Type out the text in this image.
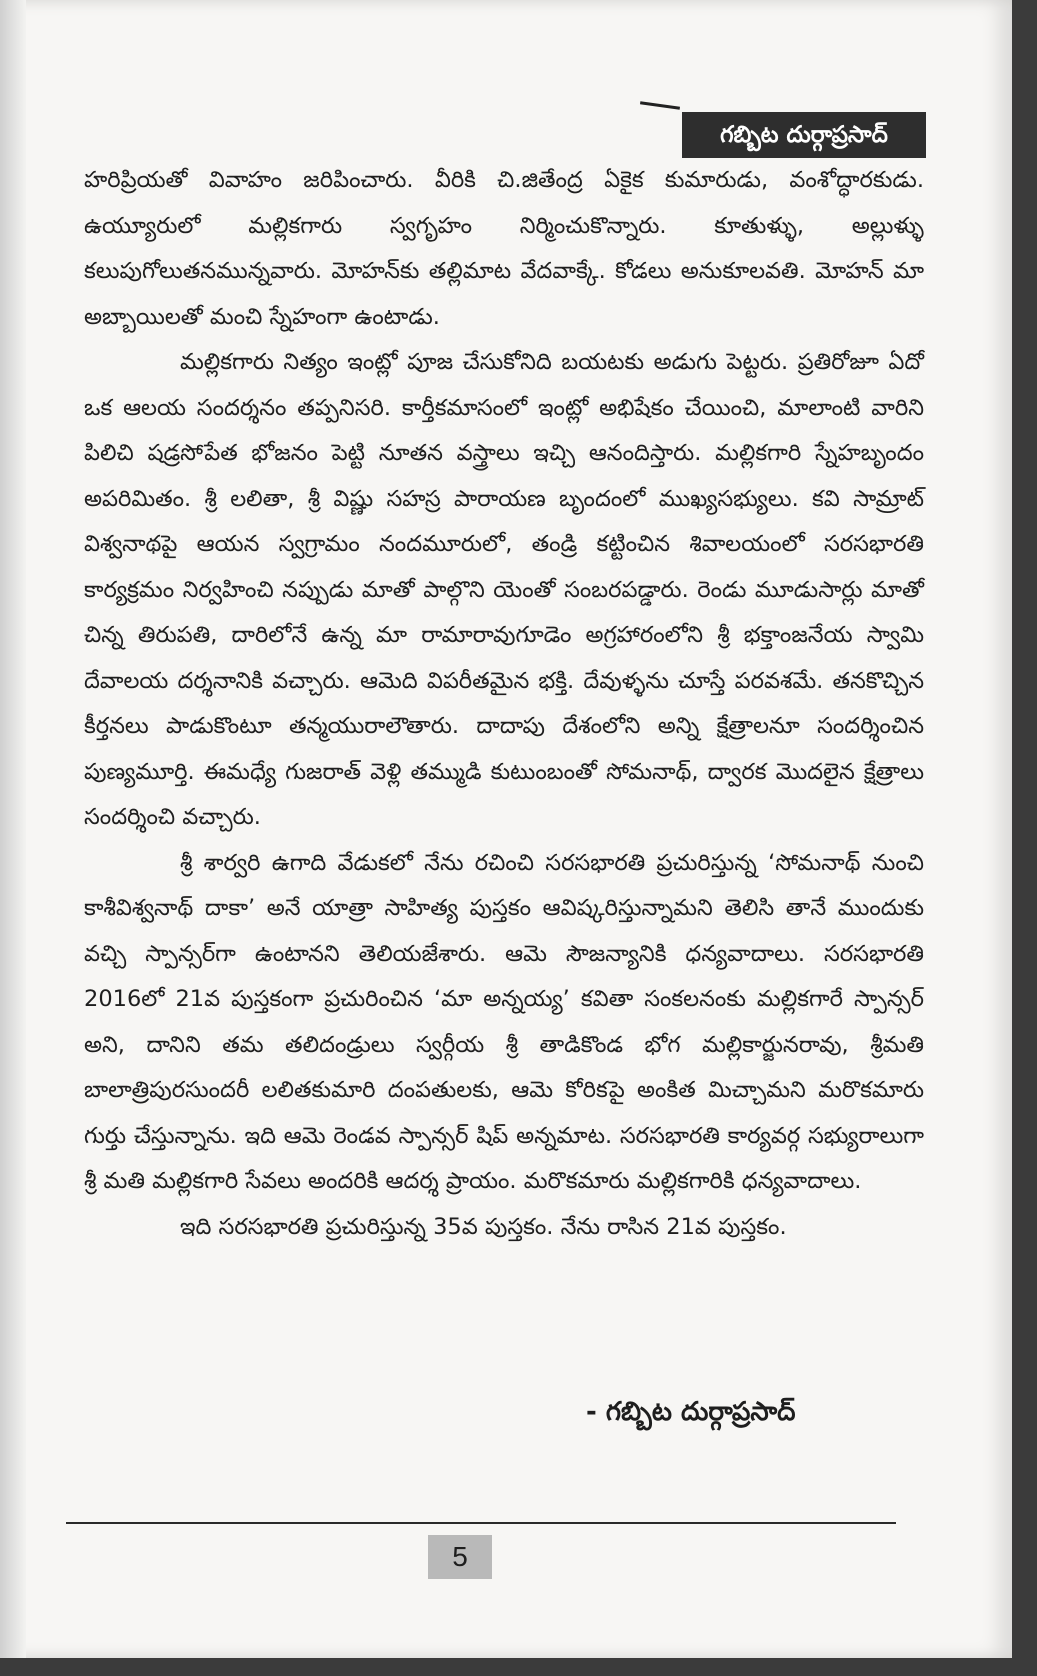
గబ్బిట దుర్గాప్రసాద్

హరిప్రియతో వివాహం జరిపించారు. వీరికి చి.జితేంద్ర ఏకైక కుమారుడు, వంశోద్ధారకుడు. ఉయ్యూరులో మల్లికగారు స్వగృహం నిర్మించుకొన్నారు. కూతుళ్ళు, అల్లుళ్ళు కలుపుగోలుతనమున్నవారు. మోహన్‌కు తల్లిమాట వేదవాక్కే. కోడలు అనుకూలవతి. మోహన్ మా అబ్బాయిలతో మంచి స్నేహంగా ఉంటాడు.

మల్లికగారు నిత్యం ఇంట్లో పూజ చేసుకోనిది బయటకు అడుగు పెట్టరు. ప్రతిరోజూ ఏదో ఒక ఆలయ సందర్శనం తప్పనిసరి. కార్తీకమాసంలో ఇంట్లో అభిషేకం చేయించి, మాలాంటి వారిని పిలిచి షడ్రసోపేత భోజనం పెట్టి నూతన వస్త్రాలు ఇచ్చి ఆనందిస్తారు. మల్లికగారి స్నేహబృందం అపరిమితం. శ్రీ లలితా, శ్రీ విష్ణు సహస్ర పారాయణ బృందంలో ముఖ్యసభ్యులు. కవి సామ్రాట్ విశ్వనాథపై ఆయన స్వగ్రామం నందమూరులో, తండ్రి కట్టించిన శివాలయంలో సరసభారతి కార్యక్రమం నిర్వహించి నప్పుడు మాతో పాల్గొని యెంతో సంబరపడ్డారు. రెండు మూడుసార్లు మాతో చిన్న తిరుపతి, దారిలోనే ఉన్న మా రామారావుగూడెం అగ్రహారంలోని శ్రీ భక్తాంజనేయ స్వామి దేవాలయ దర్శనానికి వచ్చారు. ఆమెది విపరీతమైన భక్తి. దేవుళ్ళను చూస్తే పరవశమే. తనకొచ్చిన కీర్తనలు పాడుకొంటూ తన్మయురాలౌతారు. దాదాపు దేశంలోని అన్ని క్షేత్రాలనూ సందర్శించిన పుణ్యమూర్తి. ఈమధ్యే గుజరాత్ వెళ్లి తమ్ముడి కుటుంబంతో సోమనాథ్, ద్వారక మొదలైన క్షేత్రాలు సందర్శించి వచ్చారు.

శ్రీ శార్వరి ఉగాది వేడుకలో నేను రచించి సరసభారతి ప్రచురిస్తున్న ‘సోమనాథ్ నుంచి కాశీవిశ్వనాథ్ దాకా’ అనే యాత్రా సాహిత్య పుస్తకం ఆవిష్కరిస్తున్నామని తెలిసి తానే ముందుకు వచ్చి స్పాన్సర్‌గా ఉంటానని తెలియజేశారు. ఆమె సౌజన్యానికి ధన్యవాదాలు. సరసభారతి 2016లో 21వ పుస్తకంగా ప్రచురించిన ‘మా అన్నయ్య’ కవితా సంకలనంకు మల్లికగారే స్పాన్సర్ అని, దానిని తమ తలిదండ్రులు స్వర్గీయ శ్రీ తాడికొండ భోగ మల్లికార్జునరావు, శ్రీమతి బాలాత్రిపురసుందరీ లలితకుమారి దంపతులకు, ఆమె కోరికపై అంకిత మిచ్చామని మరొకమారు గుర్తు చేస్తున్నాను. ఇది ఆమె రెండవ స్పాన్సర్ షిప్ అన్నమాట. సరసభారతి కార్యవర్గ సభ్యురాలుగా శ్రీ మతి మల్లికగారి సేవలు అందరికి ఆదర్శ ప్రాయం. మరొకమారు మల్లికగారికి ధన్యవాదాలు.

ఇది సరసభారతి ప్రచురిస్తున్న 35వ పుస్తకం. నేను రాసిన 21వ పుస్తకం.

- గబ్బిట దుర్గాప్రసాద్
5
